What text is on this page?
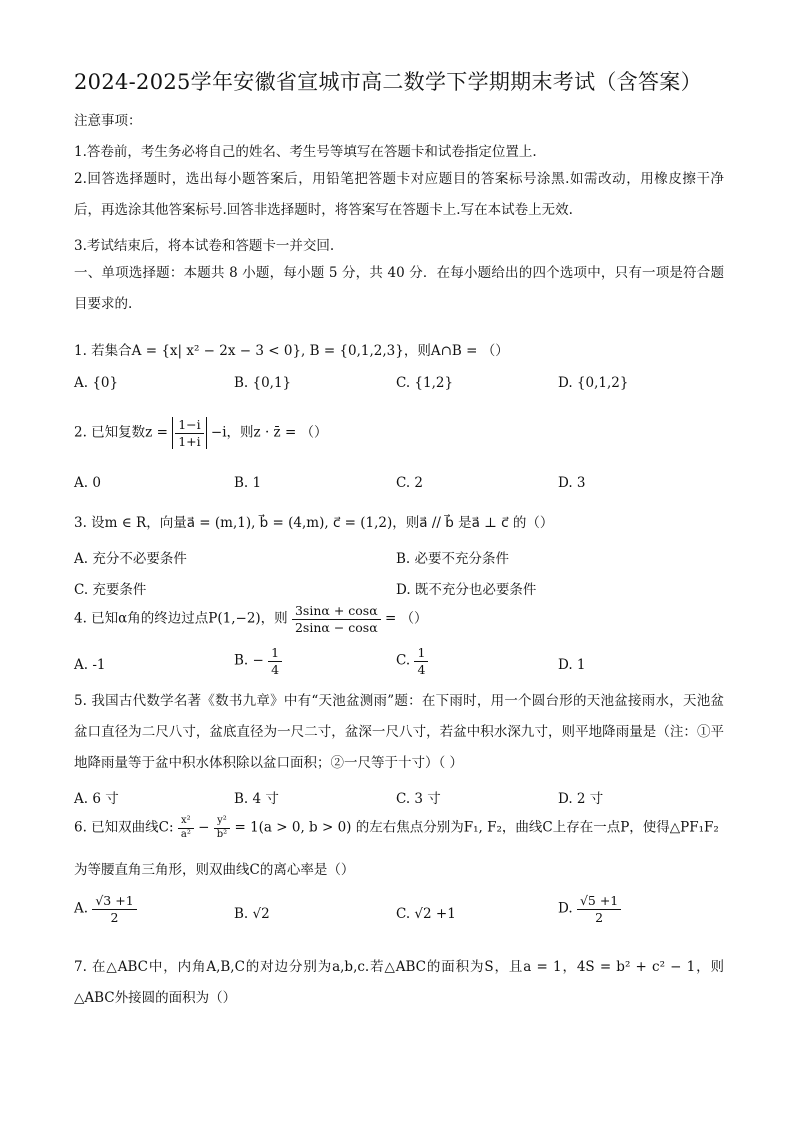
2024-2025学年安徽省宣城市高二数学下学期期末考试（含答案）
注意事项：
1.答卷前，考生务必将自己的姓名、考生号等填写在答题卡和试卷指定位置上.
2.回答选择题时，选出每小题答案后，用铅笔把答题卡对应题目的答案标号涂黑.如需改动，用橡皮擦干净后，再选涂其他答案标号.回答非选择题时，将答案写在答题卡上.写在本试卷上无效.
3.考试结束后，将本试卷和答题卡一并交回.
一、单项选择题：本题共 8 小题，每小题 5 分，共 40 分．在每小题给出的四个选项中，只有一项是符合题目要求的.
1. 若集合A = {x| x² − 2x − 3 < 0}, B = {0,1,2,3}，则A∩B = （）
A. {0}	B. {0,1}	C. {1,2}	D. {0,1,2}
2. 已知复数$z = \frac{1-i}{1+i} -i$，则z · z̄ = （）
A. 0	B. 1	C. 2	D. 3
3. 设m ∈ R，向量a⃗ = (m,1), b⃗ = (4,m), c⃗ = (1,2)，则a⃗ // b⃗ 是a⃗ ⊥ c⃗ 的（）
A. 充分不必要条件	B. 必要不充分条件
C. 充要条件	D. 既不充分也必要条件
4. 已知α角的终边过点P(1,−2)，则 $\frac{3\sin\alpha + \cos\alpha}{2\sin\alpha - \cos\alpha}$ = （）
A. -1	B. − $\frac{1}{4}$	C. $\frac{1}{4}$	D. 1
5. 我国古代数学名著《数书九章》中有“天池盆测雨”题：在下雨时，用一个圆台形的天池盆接雨水，天池盆盆口直径为二尺八寸，盆底直径为一尺二寸，盆深一尺八寸，若盆中积水深九寸，则平地降雨量是（注：①平地降雨量等于盆中积水体积除以盆口面积；②一尺等于十寸）（ ）
A. 6 寸	B. 4 寸	C. 3 寸	D. 2 寸
6. 已知双曲线C: $\frac{\text{x²}}{\text{a²}} - \frac{\text{y²}}{\text{b²}} = 1(a > 0$, b > 0) 的左右焦点分别为F₁, F₂，曲线C上存在一点P，使得△PF₁F₂
为等腰直角三角形，则双曲线C的离心率是（）
A. $\frac{√3 +1}{2}$	B. √2	C. √2 +1	D. $\frac{√5 +1}{2}$
7. 在△ABC中，内角A,B,C的对边分别为a,b,c.若△ABC的面积为S，且a = 1，4S = b² + c² − 1，则△ABC外接圆的面积为（）
